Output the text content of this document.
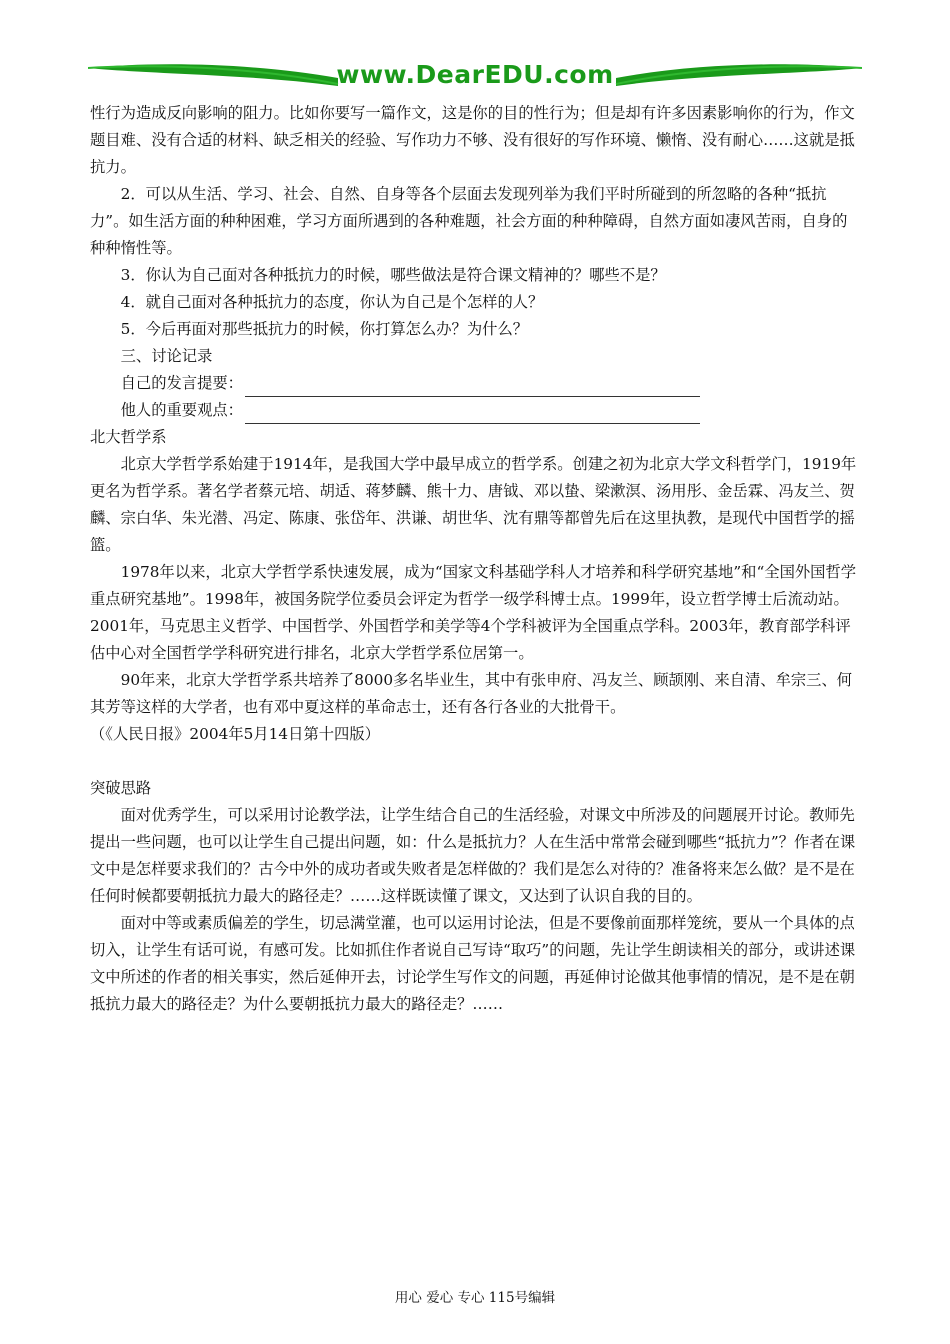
www.DearEDU.com

性行为造成反向影响的阻力。比如你要写一篇作文，这是你的目的性行为；但是却有许多因素影响你的行为，作文题目难、没有合适的材料、缺乏相关的经验、写作功力不够、没有很好的写作环境、懒惰、没有耐心……这就是抵抗力。

2．可以从生活、学习、社会、自然、自身等各个层面去发现列举为我们平时所碰到的所忽略的各种“抵抗力”。如生活方面的种种困难，学习方面所遇到的各种难题，社会方面的种种障碍，自然方面如凄风苦雨，自身的种种惰性等。

3．你认为自己面对各种抵抗力的时候，哪些做法是符合课文精神的？哪些不是？

4．就自己面对各种抵抗力的态度，你认为自己是个怎样的人？

5．今后再面对那些抵抗力的时候，你打算怎么办？为什么？

三、讨论记录

自己的发言提要：
他人的重要观点：

北大哲学系

北京大学哲学系始建于1914年，是我国大学中最早成立的哲学系。创建之初为北京大学文科哲学门，1919年更名为哲学系。著名学者蔡元培、胡适、蒋梦麟、熊十力、唐钺、邓以蛰、梁漱溟、汤用彤、金岳霖、冯友兰、贺麟、宗白华、朱光潜、冯定、陈康、张岱年、洪谦、胡世华、沈有鼎等都曾先后在这里执教，是现代中国哲学的摇篮。

1978年以来，北京大学哲学系快速发展，成为“国家文科基础学科人才培养和科学研究基地”和“全国外国哲学重点研究基地”。1998年，被国务院学位委员会评定为哲学一级学科博士点。1999年，设立哲学博士后流动站。2001年，马克思主义哲学、中国哲学、外国哲学和美学等4个学科被评为全国重点学科。2003年，教育部学科评估中心对全国哲学学科研究进行排名，北京大学哲学系位居第一。

90年来，北京大学哲学系共培养了8000多名毕业生，其中有张申府、冯友兰、顾颉刚、来自清、牟宗三、何其芳等这样的大学者，也有邓中夏这样的革命志士，还有各行各业的大批骨干。

（《人民日报》2004年5月14日第十四版）

突破思路

面对优秀学生，可以采用讨论教学法，让学生结合自己的生活经验，对课文中所涉及的问题展开讨论。教师先提出一些问题，也可以让学生自己提出问题，如：什么是抵抗力？人在生活中常常会碰到哪些“抵抗力”？作者在课文中是怎样要求我们的？古今中外的成功者或失败者是怎样做的？我们是怎么对待的？准备将来怎么做？是不是在任何时候都要朝抵抗力最大的路径走？……这样既读懂了课文，又达到了认识自我的目的。

面对中等或素质偏差的学生，切忌满堂灌，也可以运用讨论法，但是不要像前面那样笼统，要从一个具体的点切入，让学生有话可说，有感可发。比如抓住作者说自己写诗“取巧”的问题，先让学生朗读相关的部分，或讲述课文中所述的作者的相关事实，然后延伸开去，讨论学生写作文的问题，再延伸讨论做其他事情的情况，是不是在朝抵抗力最大的路径走？为什么要朝抵抗力最大的路径走？……

用心 爱心 专心 115号编辑
